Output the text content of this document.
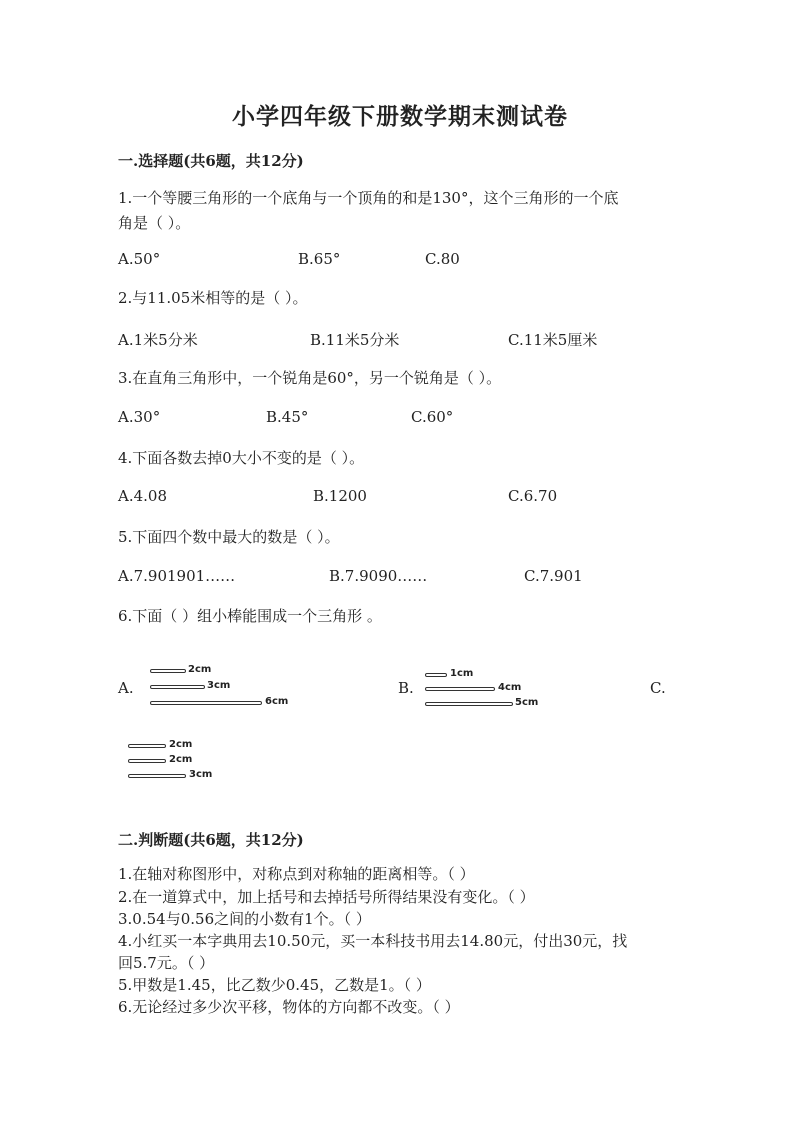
小学四年级下册数学期末测试卷
一.选择题(共6题，共12分)
1.一个等腰三角形的一个底角与一个顶角的和是130°，这个三角形的一个底
角是（ ）。
A.50°	B.65°	C.80
2.与11.05米相等的是（ ）。
A.1米5分米	B.11米5分米	C.11米5厘米
3.在直角三角形中，一个锐角是60°，另一个锐角是（ ）。
A.30°	B.45°	C.60°
4.下面各数去掉0大小不变的是（ ）。
A.4.08	B.1200	C.6.70
5.下面四个数中最大的数是（ ）。
A.7.901901……	B.7.9090……	C.7.901
6.下面（ ）组小棒能围成一个三角形 。
A.	B.	C.
2cm
3cm
6cm
1cm
4cm
5cm
2cm
2cm
3cm
二.判断题(共6题，共12分)
1.在轴对称图形中，对称点到对称轴的距离相等。（ ）
2.在一道算式中，加上括号和去掉括号所得结果没有变化。（ ）
3.0.54与0.56之间的小数有1个。（ ）
4.小红买一本字典用去10.50元，买一本科技书用去14.80元，付出30元，找
回5.7元。（ ）
5.甲数是1.45，比乙数少0.45，乙数是1。（ ）
6.无论经过多少次平移，物体的方向都不改变。（ ）
